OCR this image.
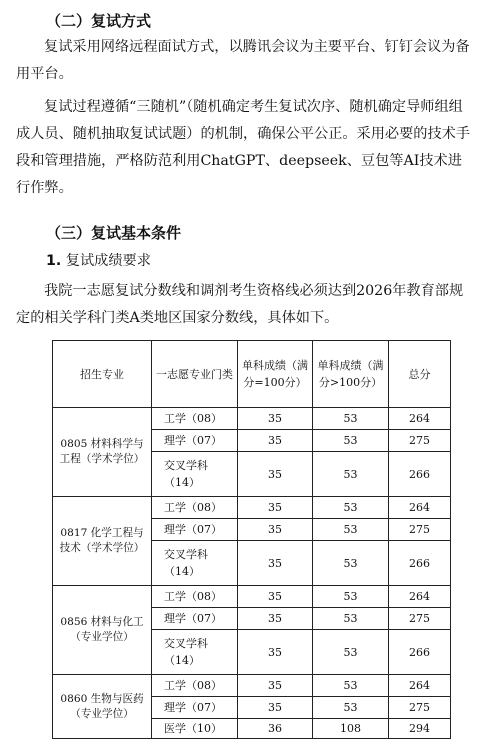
（二）复试方式

复试采用网络远程面试方式，以腾讯会议为主要平台、钉钉会议为备用平台。

复试过程遵循“三随机”（随机确定考生复试次序、随机确定导师组组成人员、随机抽取复试试题）的机制，确保公平公正。采用必要的技术手段和管理措施，严格防范利用ChatGPT、deepseek、豆包等AI技术进行作弊。

（三）复试基本条件
1. 复试成绩要求

我院一志愿复试分数线和调剂考生资格线必须达到2026年教育部规定的相关学科门类A类地区国家分数线，具体如下。

招生专业	一志愿专业门类	单科成绩（满分=100分）	单科成绩（满分>100分）	总分
0805 材料科学与工程（学术学位）	工学（08）	35	53	264
	理学（07）	35	53	275
	交叉学科（14）	35	53	266
0817 化学工程与技术（学术学位）	工学（08）	35	53	264
	理学（07）	35	53	275
	交叉学科（14）	35	53	266
0856 材料与化工（专业学位）	工学（08）	35	53	264
	理学（07）	35	53	275
	交叉学科（14）	35	53	266
0860 生物与医药（专业学位）	工学（08）	35	53	264
	理学（07）	35	53	275
	医学（10）	36	108	294
